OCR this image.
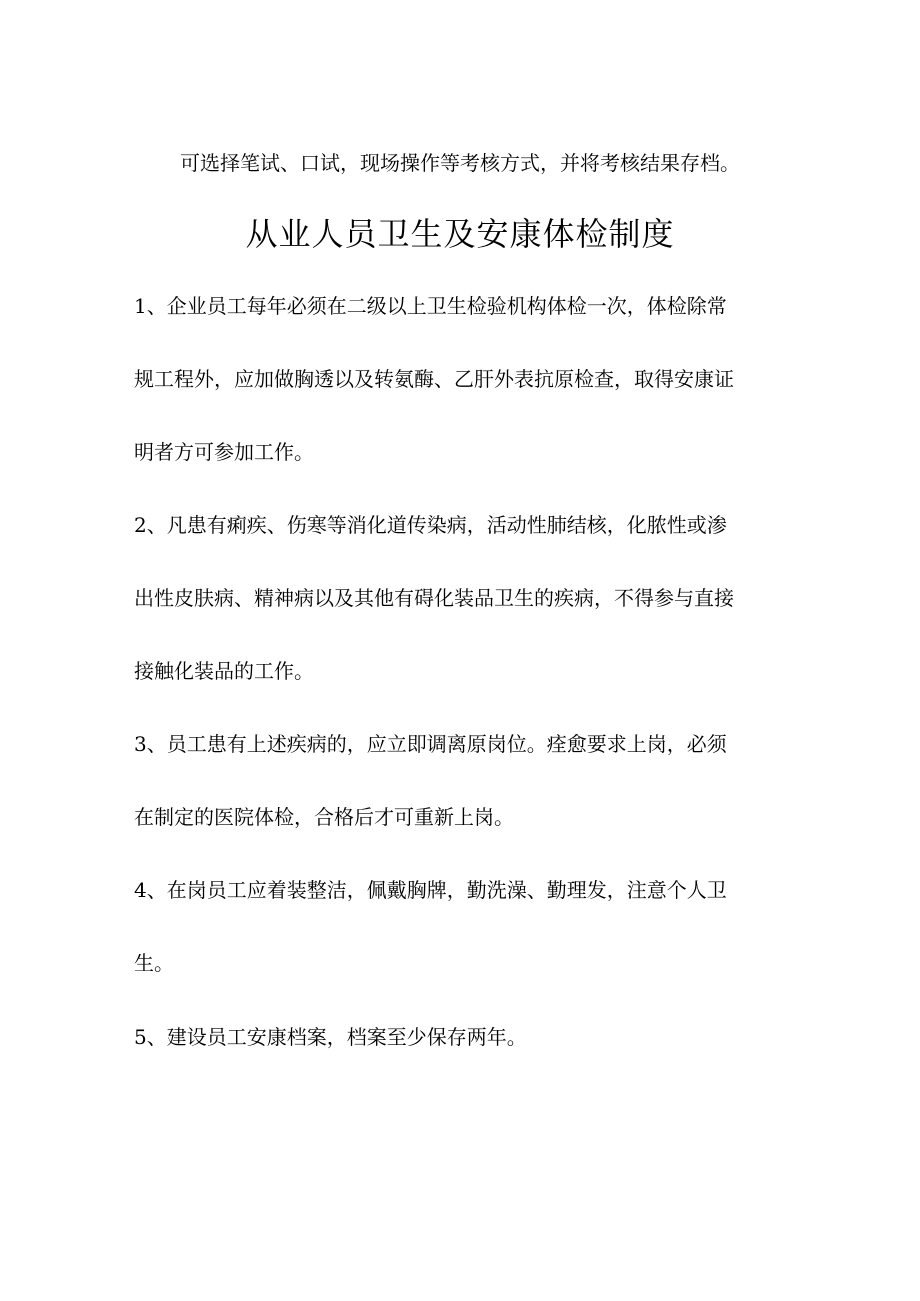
可选择笔试、口试，现场操作等考核方式，并将考核结果存档。
从业人员卫生及安康体检制度
1、企业员工每年必须在二级以上卫生检验机构体检一次，体检除常
规工程外，应加做胸透以及转氨酶、乙肝外表抗原检查，取得安康证
明者方可参加工作。
2、凡患有痢疾、伤寒等消化道传染病，活动性肺结核，化脓性或渗
出性皮肤病、精神病以及其他有碍化装品卫生的疾病，不得参与直接
接触化装品的工作。
3、员工患有上述疾病的，应立即调离原岗位。痊愈要求上岗，必须
在制定的医院体检，合格后才可重新上岗。
4、在岗员工应着装整洁，佩戴胸牌，勤洗澡、勤理发，注意个人卫
生。
5、建设员工安康档案，档案至少保存两年。
